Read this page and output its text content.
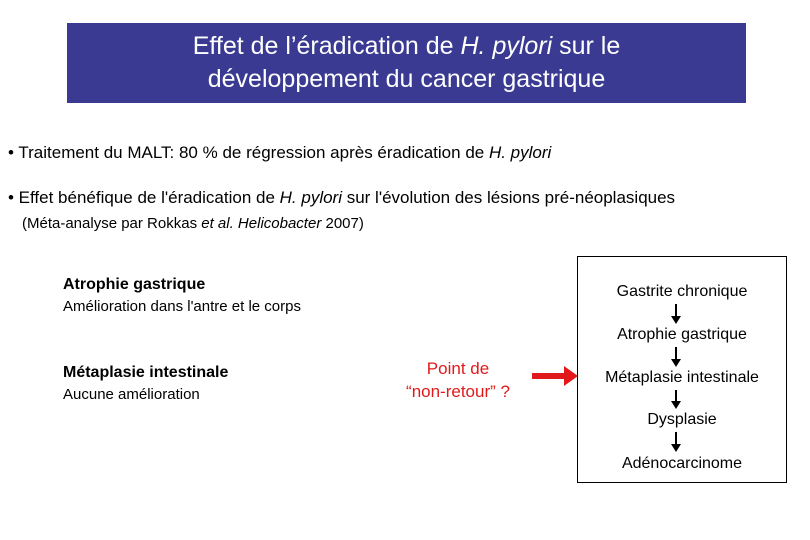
Effet de l’éradication de H. pylori sur le
développement du cancer gastrique
• Traitement du MALT: 80 % de régression après éradication de H. pylori
• Effet bénéfique de l'éradication de H. pylori sur l'évolution des lésions pré-néoplasiques
(Méta-analyse par Rokkas et al. Helicobacter 2007)
Atrophie gastrique
Amélioration dans l'antre et le corps
Métaplasie intestinale
Aucune amélioration
Point de
“non-retour” ?
Gastrite chronique
Atrophie gastrique
Métaplasie intestinale
Dysplasie
Adénocarcinome
